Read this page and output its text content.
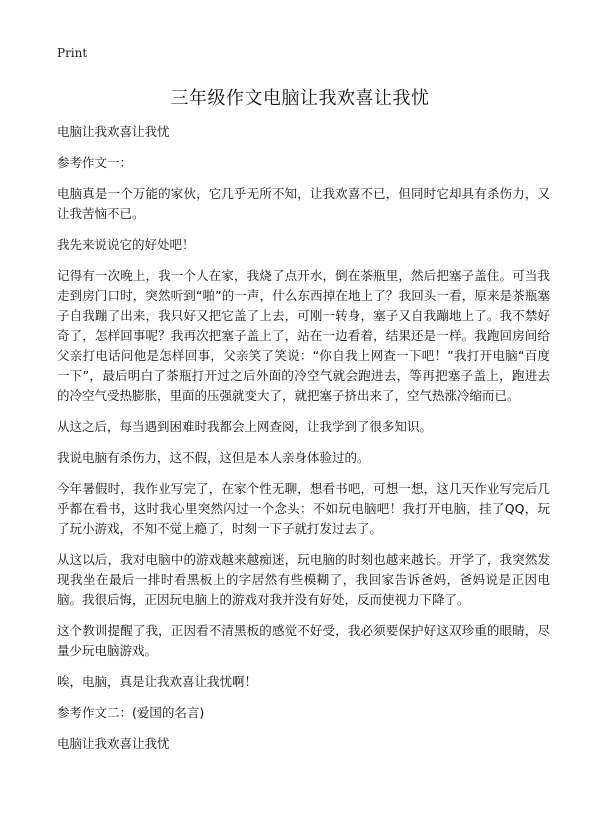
Print
三年级作文电脑让我欢喜让我忧

电脑让我欢喜让我忧

参考作文一：

电脑真是一个万能的家伙，它几乎无所不知，让我欢喜不已，但同时它却具有杀伤力，又让我苦恼不已。

我先来说说它的好处吧！

记得有一次晚上，我一个人在家，我烧了点开水，倒在茶瓶里，然后把塞子盖住。可当我走到房门口时，突然听到“啪”的一声，什么东西掉在地上了？我回头一看，原来是茶瓶塞子自我蹦了出来，我只好又把它盖了上去，可刚一转身，塞子又自我蹦地上了。我不禁好奇了，怎样回事呢？我再次把塞子盖上了，站在一边看着，结果还是一样。我跑回房间给父亲打电话问他是怎样回事，父亲笑了笑说：“你自我上网查一下吧！”我打开电脑“百度一下”，最后明白了茶瓶打开过之后外面的冷空气就会跑进去，等再把塞子盖上，跑进去的冷空气受热膨胀，里面的压强就变大了，就把塞子挤出来了，空气热涨冷缩而已。

从这之后，每当遇到困难时我都会上网查阅，让我学到了很多知识。

我说电脑有杀伤力，这不假，这但是本人亲身体验过的。

今年暑假时，我作业写完了，在家个性无聊，想看书吧，可想一想，这几天作业写完后几乎都在看书，这时我心里突然闪过一个念头：不如玩电脑吧！我打开电脑，挂了QQ，玩了玩小游戏，不知不觉上瘾了，时刻一下子就打发过去了。

从这以后，我对电脑中的游戏越来越痴迷，玩电脑的时刻也越来越长。开学了，我突然发现我坐在最后一排时看黑板上的字居然有些模糊了，我回家告诉爸妈，爸妈说是正因电脑。我很后悔，正因玩电脑上的游戏对我并没有好处，反而使视力下降了。

这个教训提醒了我，正因看不清黑板的感觉不好受，我必须要保护好这双珍重的眼睛，尽量少玩电脑游戏。

唉，电脑，真是让我欢喜让我忧啊！

参考作文二：(爱国的名言)

电脑让我欢喜让我忧
